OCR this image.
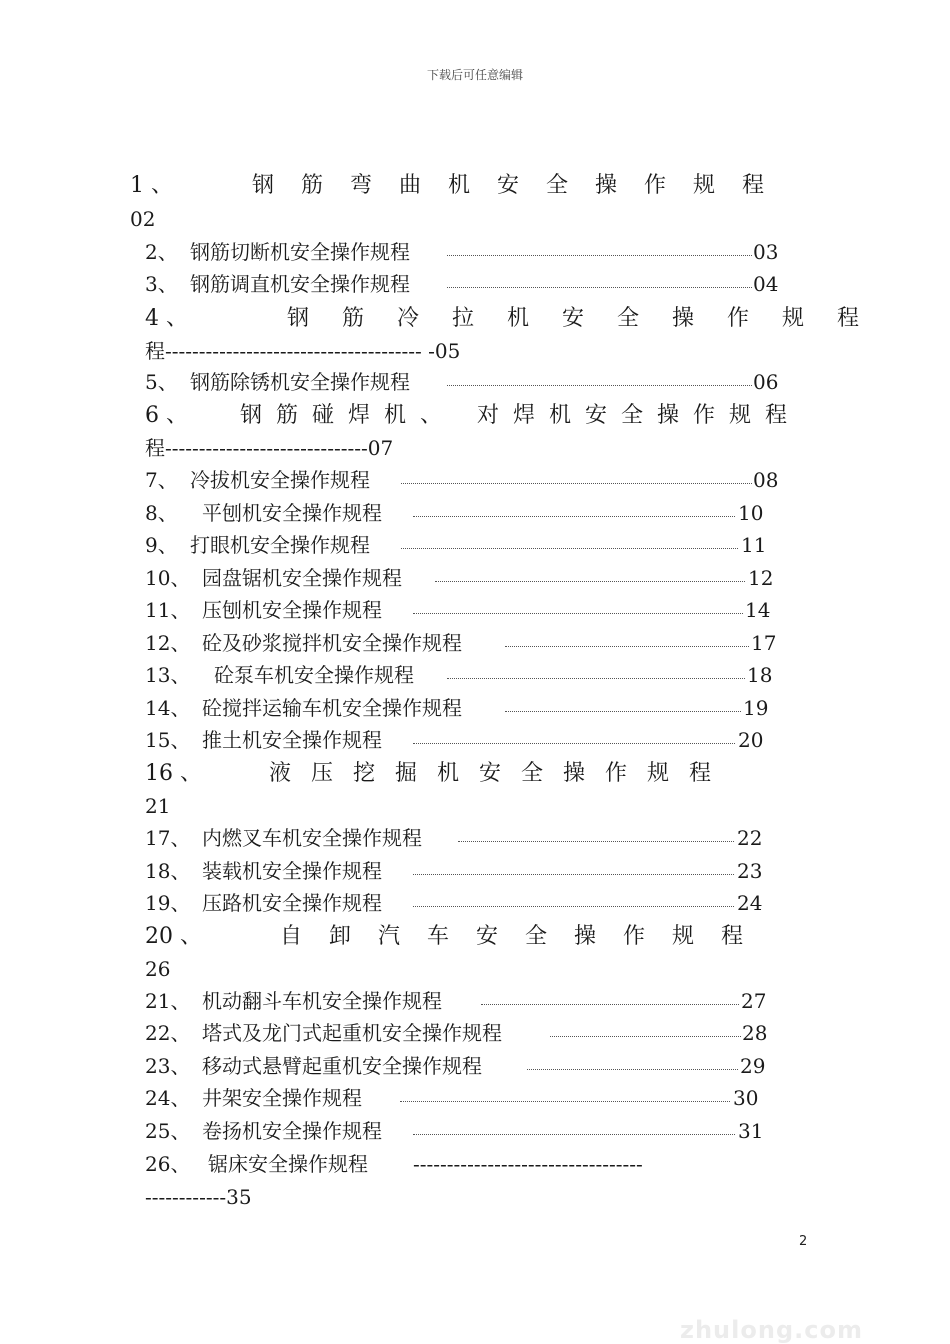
下载后可任意编辑
1 、	钢筋弯曲机安全操作规程
02
2、 钢筋切断机安全操作规程	03
3、 钢筋调直机安全操作规程	04
4 、	钢筋冷拉机安全操作规程
程-------------------------------------- -05
5、 钢筋除锈机安全操作规程	06
6 、 钢筋碰焊机、 对焊机安全操作规程
程------------------------------07
7、 冷拔机安全操作规程	08
8、 平刨机安全操作规程	10
9、 打眼机安全操作规程	11
10、 园盘锯机安全操作规程	12
11、 压刨机安全操作规程	14
12、 砼及砂浆搅拌机安全操作规程	17
13、 砼泵车机安全操作规程	18
14、 砼搅拌运输车机安全操作规程	19
15、 推土机安全操作规程	20
16 、	液压挖掘机安全操作规程
21
17、 内燃叉车机安全操作规程	22
18、 装载机安全操作规程	23
19、 压路机安全操作规程	24
20 、	自卸汽车安全操作规程
26
21、 机动翻斗车机安全操作规程	27
22、 塔式及龙门式起重机安全操作规程	28
23、 移动式悬臂起重机安全操作规程	29
24、 井架安全操作规程	30
25、 卷扬机安全操作规程	31
26、 锯床安全操作规程 ----------------------------------
------------35
2
zhulong.com
